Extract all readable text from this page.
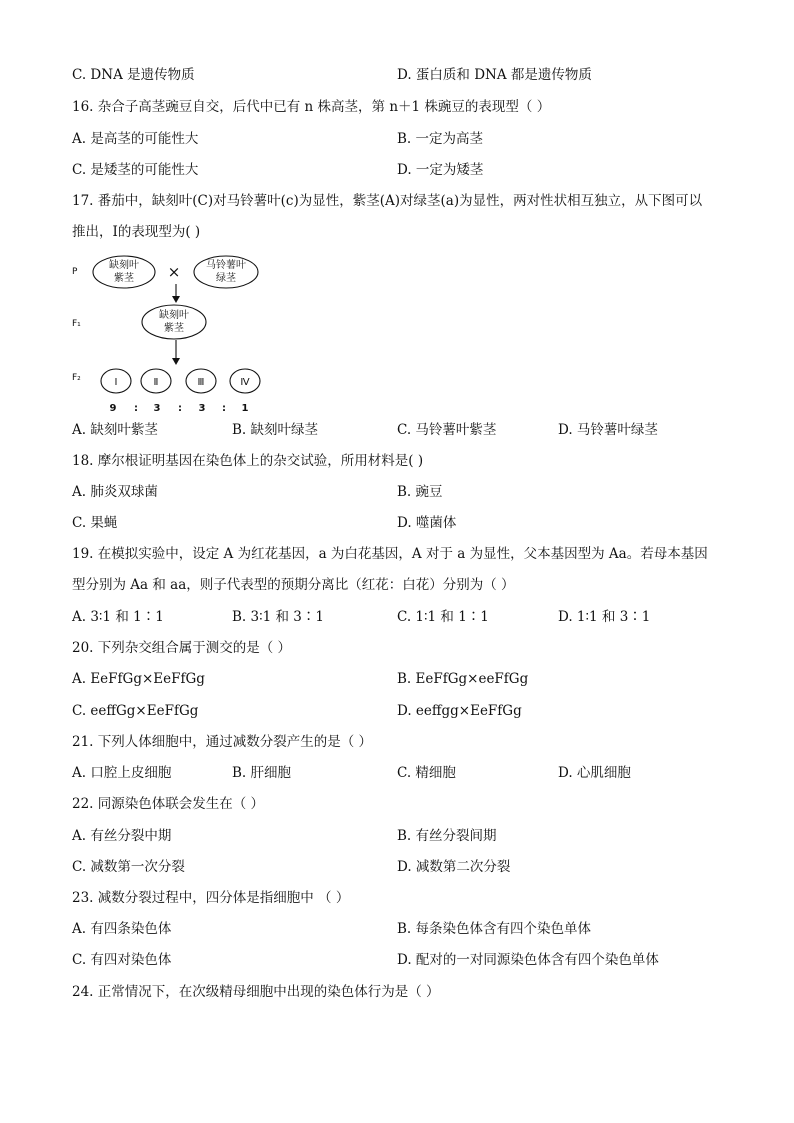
C. DNA 是遗传物质	D. 蛋白质和 DNA 都是遗传物质
16. 杂合子高茎豌豆自交，后代中已有 n 株高茎，第 n＋1 株豌豆的表现型（ ）
A. 是高茎的可能性大	B. 一定为高茎
C. 是矮茎的可能性大	D. 一定为矮茎
17. 番茄中，缺刻叶(C)对马铃薯叶(c)为显性，紫茎(A)对绿茎(a)为显性，两对性状相互独立，从下图可以
推出，Ⅰ的表现型为( )
P
F₁
F₂
缺刻叶
紫茎 ×	马铃薯叶
绿茎
缺刻叶
紫茎
Ⅰ	Ⅱ	Ⅲ	Ⅳ
9 : 3 : 3 : 1
A. 缺刻叶紫茎	B. 缺刻叶绿茎	C. 马铃薯叶紫茎	D. 马铃薯叶绿茎
18. 摩尔根证明基因在染色体上的杂交试验，所用材料是( )
A. 肺炎双球菌	B. 豌豆
C. 果蝇	D. 噬菌体
19. 在模拟实验中，设定 A 为红花基因，a 为白花基因，A 对于 a 为显性，父本基因型为 Aa。若母本基因
型分别为 Aa 和 aa，则子代表型的预期分离比（红花：白花）分别为（ ）
A. 3∶1 和 1∶1	B. 3∶1 和 3∶1	C. 1∶1 和 1∶1	D. 1∶1 和 3∶1
20. 下列杂交组合属于测交的是（ ）
A. EeFfGg×EeFfGg	B. EeFfGg×eeFfGg
C. eeffGg×EeFfGg	D. eeffgg×EeFfGg
21. 下列人体细胞中，通过减数分裂产生的是（ ）
A. 口腔上皮细胞	B. 肝细胞	C. 精细胞	D. 心肌细胞
22. 同源染色体联会发生在（ ）
A. 有丝分裂中期	B. 有丝分裂间期
C. 减数第一次分裂	D. 减数第二次分裂
23. 减数分裂过程中，四分体是指细胞中 （ ）
A. 有四条染色体	B. 每条染色体含有四个染色单体
C. 有四对染色体	D. 配对的一对同源染色体含有四个染色单体
24. 正常情况下，在次级精母细胞中出现的染色体行为是（ ）
